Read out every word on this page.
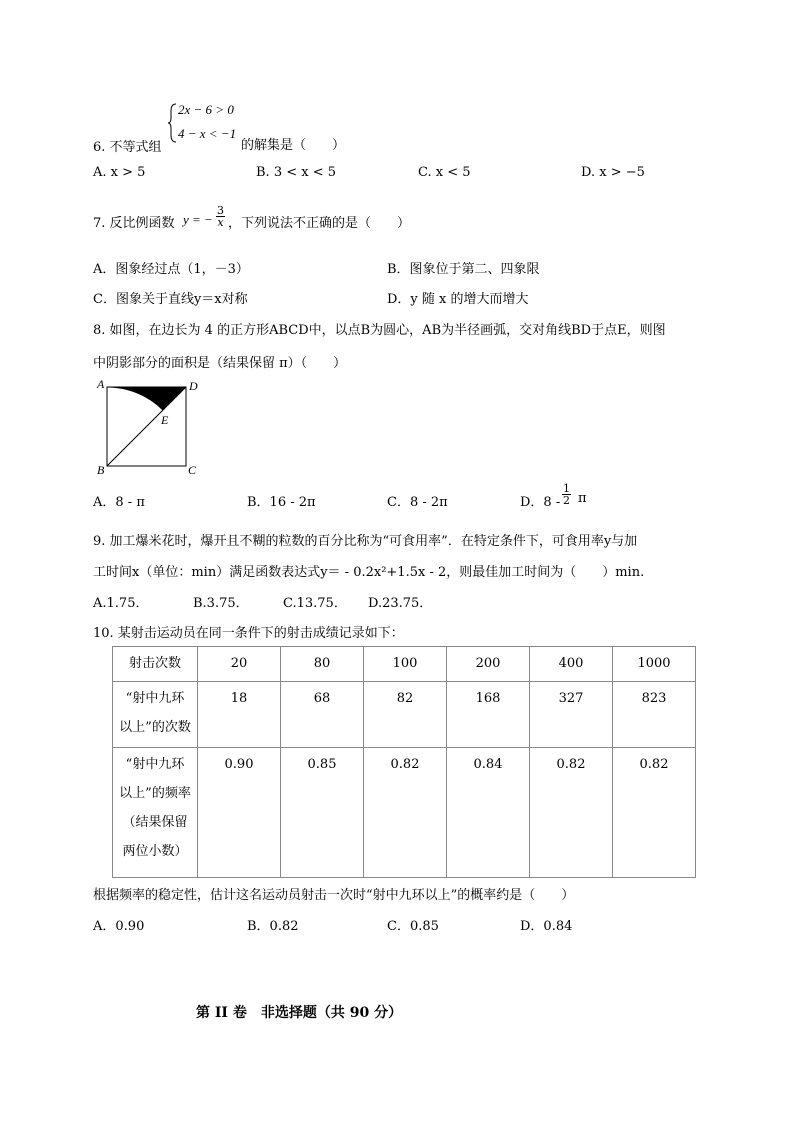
2x − 6 > 0
4 − x < −1
6. 不等式组	的解集是（　　）
A. x > 5	B. 3 < x < 5	C. x < 5	D. x > −5
7. 反比例函数 y = − $\frac{3}{x}$ ，下列说法不正确的是（　　）
A．图象经过点（1，－3）	B．图象位于第二、四象限
C．图象关于直线y＝x对称	D．y 随 x 的增大而增大
8. 如图，在边长为 4 的正方形ABCD中，以点B为圆心，AB为半径画弧，交对角线BD于点E，则图
中阴影部分的面积是（结果保留 π）（　　）
A	D
E
B	C
A．8 - π	B．16 - 2π	C．8 - 2π	D．$8 - \frac{1}{2}$ π
9. 加工爆米花时，爆开且不糊的粒数的百分比称为“可食用率”．在特定条件下，可食用率y与加
工时间x（单位：min）满足函数表达式y＝ - 0.2x²+1.5x - 2，则最佳加工时间为（　　）min.
A.1.75．	B.3.75．	C.13.75． D.23.75．
10. 某射击运动员在同一条件下的射击成绩记录如下：
射击次数	20	80	100	200	400	1000

“射中九环
以上”的次数	18	68	82	168	327	823

“射中九环
以上”的频率
（结果保留
两位小数）	0.90	0.85	0.82	0.84	0.82	0.82
根据频率的稳定性，估计这名运动员射击一次时“射中九环以上”的概率约是（　　）
A．0.90	B．0.82	C．0.85	D．0.84
第 II 卷　非选择题（共 90 分）
